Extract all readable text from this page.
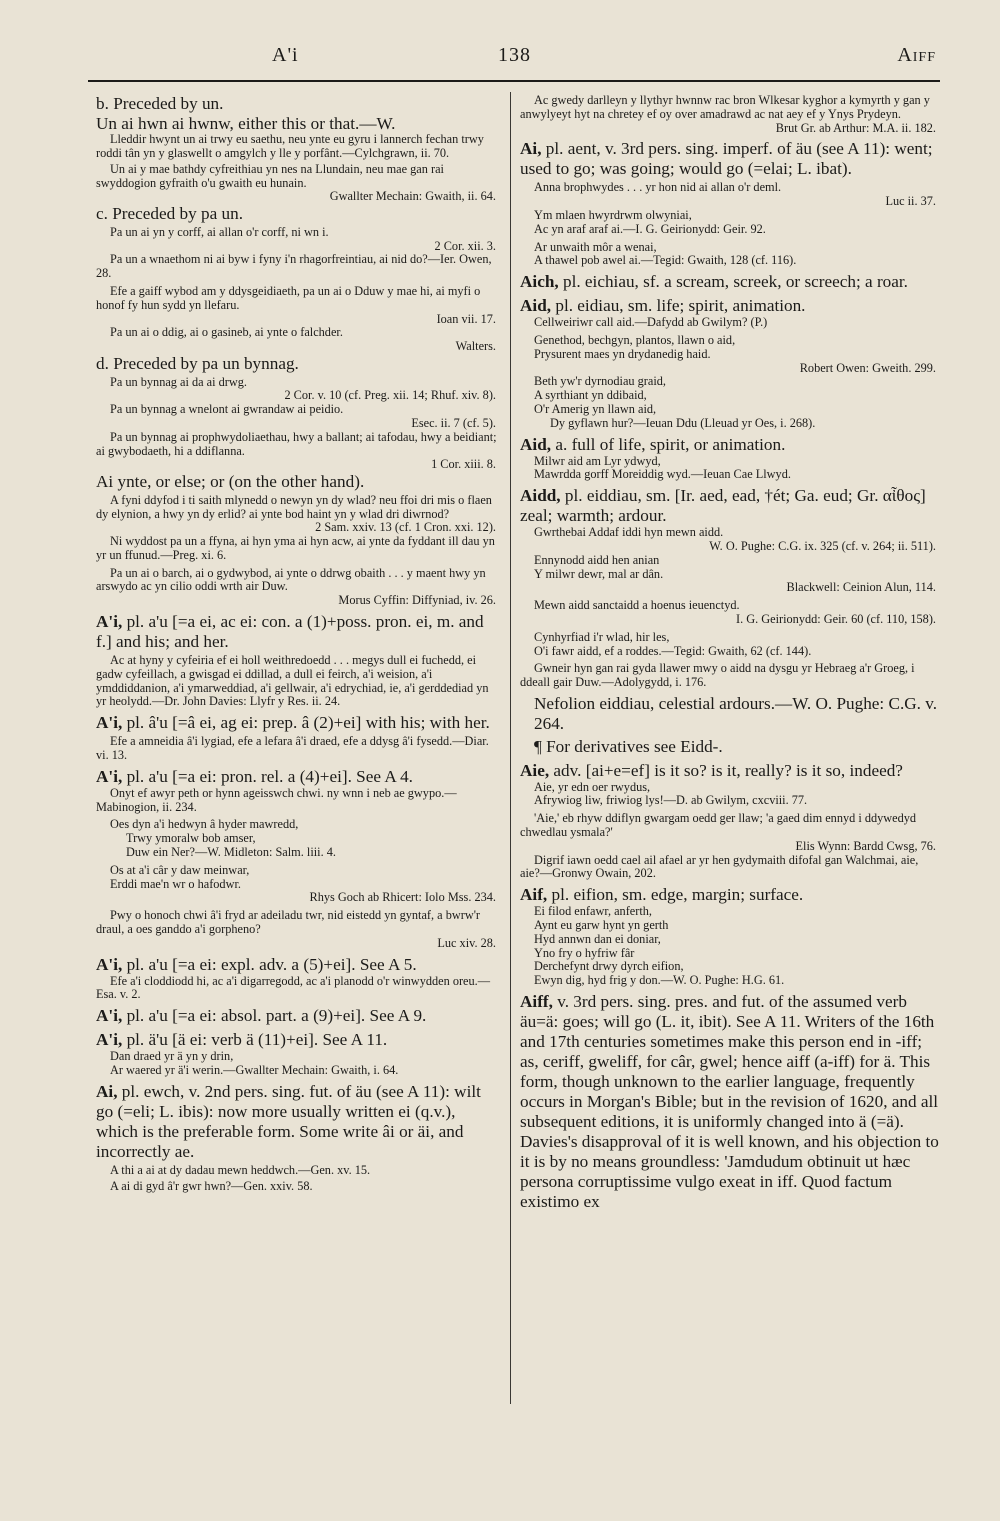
A'i	138	Aiff

b. Preceded by un.

Un ai hwn ai hwnw, either this or that.—W.

Lleddir hwynt un ai trwy eu saethu, neu ynte eu gyru i lannerch fechan trwy roddi tân yn y glaswellt o amgylch y lle y porfânt.—Cylchgrawn, ii. 70.

Un ai y mae bathdy cyfreithiau yn nes na Llundain, neu mae gan rai swyddogion gyfraith o'u gwaith eu hunain.

Gwallter Mechain: Gwaith, ii. 64.

c. Preceded by pa un.

Pa un ai yn y corff, ai allan o'r corff, ni wn i.

2 Cor. xii. 3.

Pa un a wnaethom ni ai byw i fyny i'n rhagorfreintiau, ai nid do?—Ier. Owen, 28.

Efe a gaiff wybod am y ddysgeidiaeth, pa un ai o Dduw y mae hi, ai myfi o honof fy hun sydd yn llefaru.

Ioan vii. 17.

Pa un ai o ddig, ai o gasineb, ai ynte o falchder.

Walters.

d. Preceded by pa un bynnag.

Pa un bynnag ai da ai drwg.

2 Cor. v. 10 (cf. Preg. xii. 14; Rhuf. xiv. 8).

Pa un bynnag a wnelont ai gwrandaw ai peidio.

Esec. ii. 7 (cf. 5).

Pa un bynnag ai prophwydoliaethau, hwy a ballant; ai tafodau, hwy a beidiant; ai gwybodaeth, hi a ddiflanna.

1 Cor. xiii. 8.

Ai ynte, or else; or (on the other hand).

A fyni ddyfod i ti saith mlynedd o newyn yn dy wlad? neu ffoi dri mis o flaen dy elynion, a hwy yn dy erlid? ai ynte bod haint yn y wlad dri diwrnod?

2 Sam. xxiv. 13 (cf. 1 Cron. xxi. 12).

Ni wyddost pa un a ffyna, ai hyn yma ai hyn acw, ai ynte da fyddant ill dau yn yr un ffunud.—Preg. xi. 6.

Pa un ai o barch, ai o gydwybod, ai ynte o ddrwg obaith . . . y maent hwy yn arswydo ac yn cilio oddi wrth air Duw.

Morus Cyffin: Diffyniad, iv. 26.

A'i, pl. a'u [=a ei, ac ei: con. a (1)+poss. pron. ei, m. and f.] and his; and her.

Ac at hyny y cyfeiria ef ei holl weithredoedd . . . megys dull ei fuchedd, ei gadw cyfeillach, a gwisgad ei ddillad, a dull ei feirch, a'i weision, a'i ymddiddanion, a'i ymarweddiad, a'i gellwair, a'i edrychiad, ie, a'i gerddediad yn yr heolydd.—Dr. John Davies: Llyfr y Res. ii. 24.

A'i, pl. â'u [=â ei, ag ei: prep. â (2)+ei] with his; with her.

Efe a amneidia â'i lygiad, efe a lefara â'i draed, efe a ddysg â'i fysedd.—Diar. vi. 13.

A'i, pl. a'u [=a ei: pron. rel. a (4)+ei]. See A 4.

Onyt ef awyr peth or hynn ageisswch chwi. ny wnn i neb ae gwypo.—Mabinogion, ii. 234.

Oes dyn a'i hedwyn â hyder mawredd,

Trwy ymoralw bob amser,

Duw ein Ner?—W. Midleton: Salm. liii. 4.

Os at a'i câr y daw meinwar,

Erddi mae'n wr o hafodwr.

Rhys Goch ab Rhicert: Iolo Mss. 234.

Pwy o honoch chwi â'i fryd ar adeiladu twr, nid eistedd yn gyntaf, a bwrw'r draul, a oes ganddo a'i gorpheno?

Luc xiv. 28.

A'i, pl. a'u [=a ei: expl. adv. a (5)+ei]. See A 5.

Efe a'i cloddiodd hi, ac a'i digarregodd, ac a'i planodd o'r winwydden oreu.—Esa. v. 2.

A'i, pl. a'u [=a ei: absol. part. a (9)+ei]. See A 9.

A'i, pl. ä'u [ä ei: verb ä (11)+ei]. See A 11.

Dan draed yr ä yn y drin,

Ar waered yr ä'i werin.—Gwallter Mechain: Gwaith, i. 64.

Ai, pl. ewch, v. 2nd pers. sing. fut. of äu (see A 11): wilt go (=eli; L. ibis): now more usually written ei (q.v.), which is the preferable form. Some write âi or äi, and incorrectly ae.

A thi a ai at dy dadau mewn heddwch.—Gen. xv. 15.

A ai di gyd â'r gwr hwn?—Gen. xxiv. 58.

Ac gwedy darlleyn y llythyr hwnnw rac bron Wlkesar kyghor a kymyrth y gan y anwylyeyt hyt na chretey ef oy over amadrawd ac nat aey ef y Ynys Prydeyn.

Brut Gr. ab Arthur: M.A. ii. 182.

Ai, pl. aent, v. 3rd pers. sing. imperf. of äu (see A 11): went; used to go; was going; would go (=elai; L. ibat).

Anna brophwydes . . . yr hon nid ai allan o'r deml.

Luc ii. 37.

Ym mlaen hwyrdrwm olwyniai,

Ac yn araf araf ai.—I. G. Geirionydd: Geir. 92.

Ar unwaith môr a wenai,

A thawel pob awel ai.—Tegid: Gwaith, 128 (cf. 116).

Aich, pl. eichiau, sf. a scream, screek, or screech; a roar.

Aid, pl. eidiau, sm. life; spirit, animation.

Cellweiriwr call aid.—Dafydd ab Gwilym? (P.)

Genethod, bechgyn, plantos, llawn o aid,

Prysurent maes yn drydanedig haid.

Robert Owen: Gweith. 299.

Beth yw'r dyrnodiau graid,

A syrthiant yn ddibaid,

O'r Amerig yn llawn aid,

Dy gyflawn hur?—Ieuan Ddu (Lleuad yr Oes, i. 268).

Aid, a. full of life, spirit, or animation.

Milwr aid am Lyr ydwyd,

Mawrdda gorff Moreiddig wyd.—Ieuan Cae Llwyd.

Aidd, pl. eiddiau, sm. [Ir. aed, ead, †ét; Ga. eud; Gr. αἶθος] zeal; warmth; ardour.

Gwrthebai Addaf iddi hyn mewn aidd.

W. O. Pughe: C.G. ix. 325 (cf. v. 264; ii. 511).

Ennynodd aidd hen anian

Y milwr dewr, mal ar dân.

Blackwell: Ceinion Alun, 114.

Mewn aidd sanctaidd a hoenus ieuenctyd.

I. G. Geirionydd: Geir. 60 (cf. 110, 158).

Cynhyrfiad i'r wlad, hir les,

O'i fawr aidd, ef a roddes.—Tegid: Gwaith, 62 (cf. 144).

Gwneir hyn gan rai gyda llawer mwy o aidd na dysgu yr Hebraeg a'r Groeg, i ddeall gair Duw.—Adolygydd, i. 176.

Nefolion eiddiau, celestial ardours.—W. O. Pughe: C.G. v. 264.

¶ For derivatives see Eidd-.

Aie, adv. [ai+e=ef] is it so? is it, really? is it so, indeed?

Aie, yr edn oer rwydus,

Afrywiog liw, friwiog lys!—D. ab Gwilym, cxcviii. 77.

'Aie,' eb rhyw ddiflyn gwargam oedd ger llaw; 'a gaed dim ennyd i ddywedyd chwedlau ysmala?'

Elis Wynn: Bardd Cwsg, 76.

Digrif iawn oedd cael ail afael ar yr hen gydymaith difofal gan Walchmai, aie, aie?—Gronwy Owain, 202.

Aif, pl. eifion, sm. edge, margin; surface.

Ei filod enfawr, anferth,

Aynt eu garw hynt yn gerth

Hyd annwn dan ei doniar,

Yno fry o hyfriw fâr

Derchefynt drwy dyrch eifion,

Ewyn dig, hyd frig y don.—W. O. Pughe: H.G. 61.

Aiff, v. 3rd pers. sing. pres. and fut. of the assumed verb äu=ä: goes; will go (L. it, ibit). See A 11. Writers of the 16th and 17th centuries sometimes make this person end in -iff; as, ceriff, gweliff, for câr, gwel; hence aiff (a-iff) for ä. This form, though unknown to the earlier language, frequently occurs in Morgan's Bible; but in the revision of 1620, and all subsequent editions, it is uniformly changed into ä (=ä). Davies's disapproval of it is well known, and his objection to it is by no means groundless: 'Jamdudum obtinuit ut hæc persona corruptissime vulgo exeat in iff. Quod factum existimo ex
